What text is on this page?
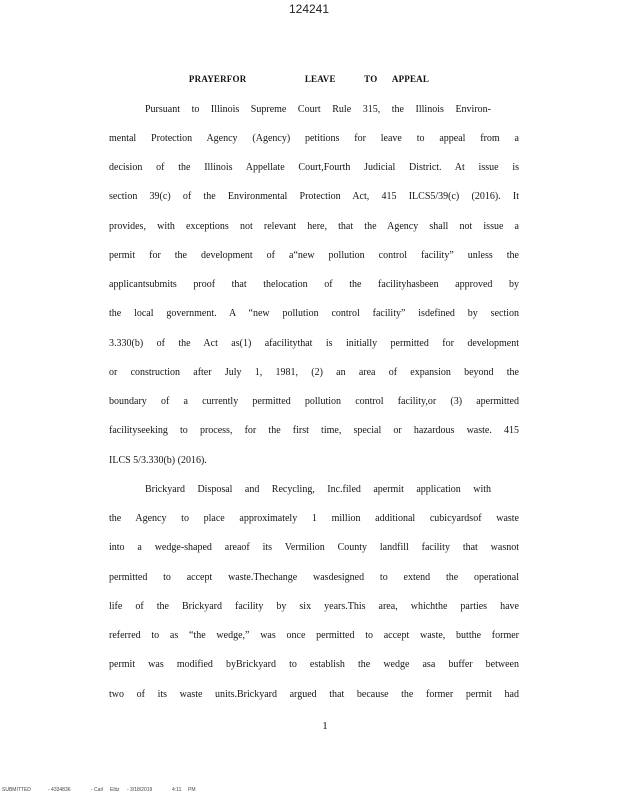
124241
PRAYERFOR	LEAVE	TO APPEAL
Pursuant to Illinois Supreme Court Rule 315, the Illinois Environ-
mental Protection Agency (Agency) petitions for leave to appeal from a
decision of the Illinois Appellate Court,Fourth Judicial District. At issue is
section 39(c) of the Environmental Protection Act, 415 ILCS5/39(c) (2016). It
provides, with exceptions not relevant here, that the Agency shall not issue a
permit for the development of a“new pollution control facility” unless the
applicantsubmits proof that thelocation of the facilityhasbeen approved by
the local government. A “new pollution control facility” isdefined by section
3.330(b) of the Act as(1) afacilitythat is initially permitted for development
or construction after July 1, 1981, (2) an area of expansion beyond the
boundary of a currently permitted pollution control facility,or (3) apermitted
facilityseeking to process, for the first time, special or hazardous waste. 415
ILCS 5/3.330(b) (2016).
Brickyard Disposal and Recycling, Inc.filed apermit application with
the Agency to place approximately 1 million additional cubicyardsof waste
into a wedge-shaped areaof its Vermilion County landfill facility that wasnot
permitted to accept waste.Thechange wasdesigned to extend the operational
life of the Brickyard facility by six years.This area, whichthe parties have
referred to as “the wedge,” was once permitted to accept waste, butthe former
permit was modified byBrickyard to establish the wedge asa buffer between
two of its waste units.Brickyard argued that because the former permit had
1
SUBMITTED	- 4334836	- Carl Elitz - 3/18/2019	4:11 PM
